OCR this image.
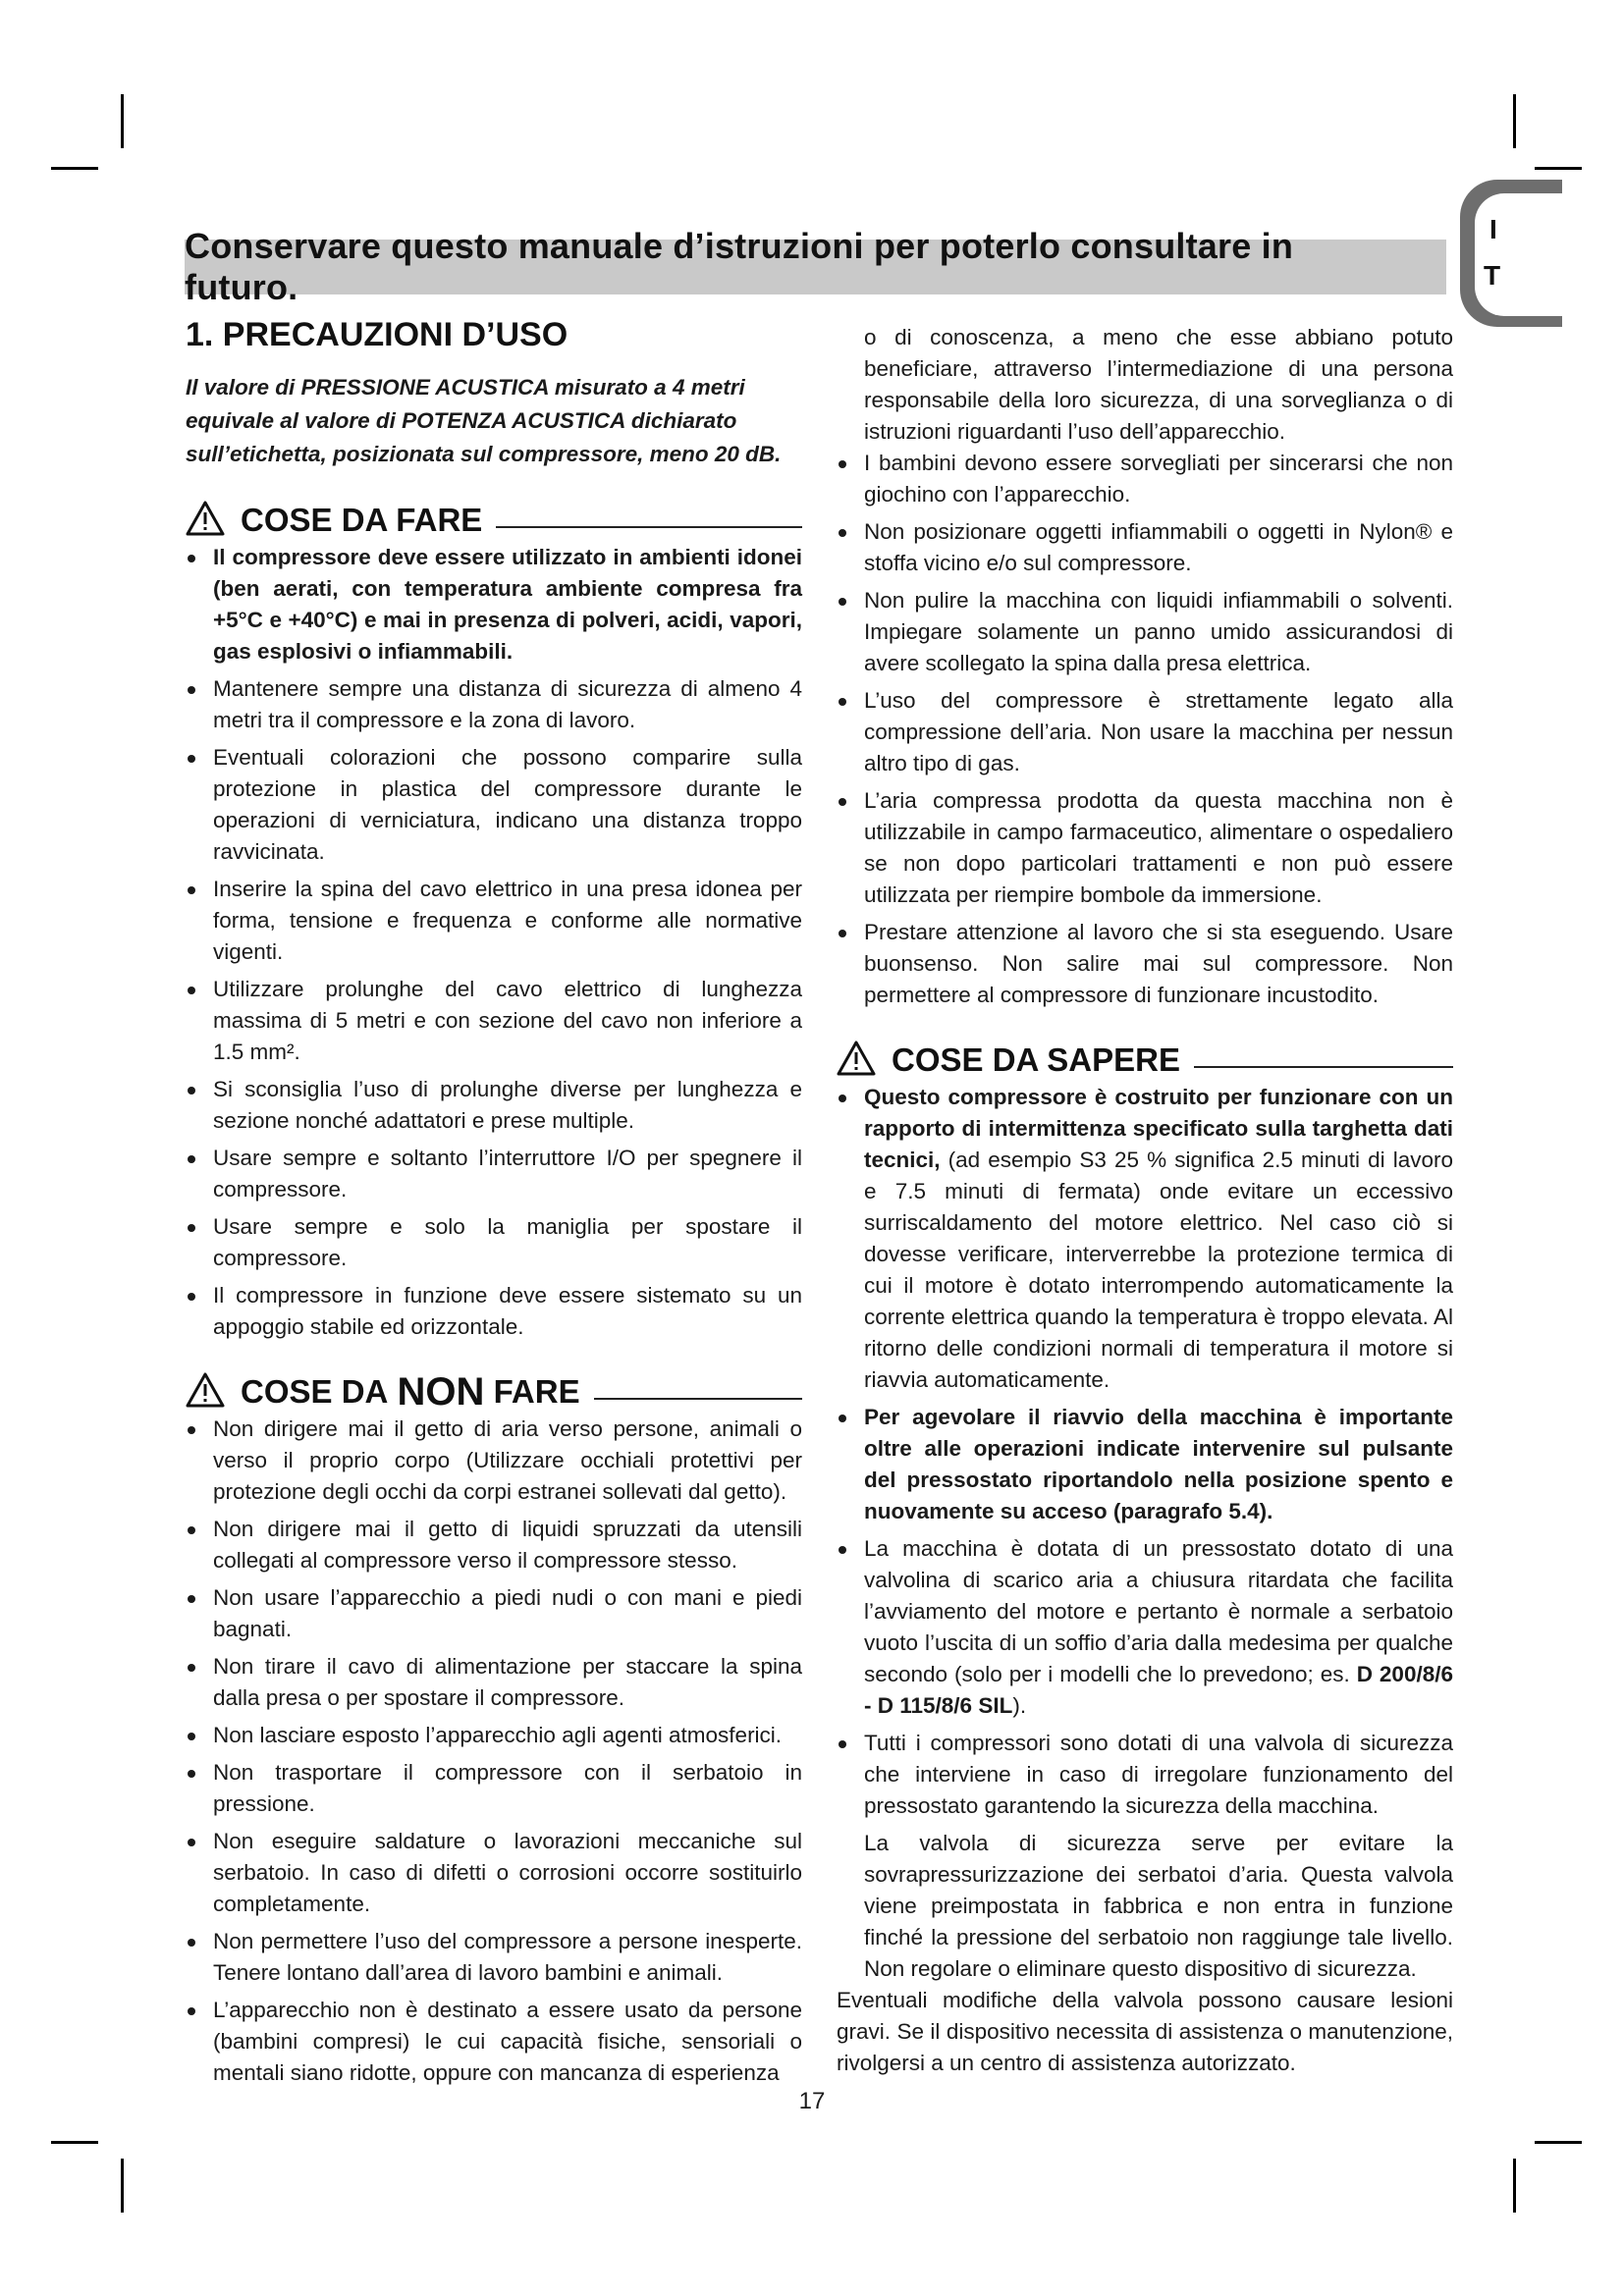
I
T
Conservare questo manuale d’istruzioni per poterlo consultare in futuro.
1. PRECAUZIONI D’USO

Il valore di PRESSIONE ACUSTICA misurato a 4 metri equivale al valore di POTENZA ACUSTICA dichiarato sull’etichetta, posizionata sul compressore, meno 20 dB.

COSE DA FARE
Il compressore deve essere utilizzato in ambienti idonei (ben aerati, con temperatura ambiente compresa fra +5°C e +40°C) e mai in presenza di polveri, acidi, vapori, gas esplosivi o infiammabili.
Mantenere sempre una distanza di sicurezza di almeno 4 metri tra il compressore e la zona di lavoro.
Eventuali colorazioni che possono comparire sulla protezione in plastica del compressore durante le operazioni di verniciatura, indicano una distanza troppo ravvicinata.
Inserire la spina del cavo elettrico in una presa idonea per forma, tensione e frequenza e conforme alle normative vigenti.
Utilizzare prolunghe del cavo elettrico di lunghezza massima di 5 metri e con sezione del cavo non inferiore a 1.5 mm².
Si sconsiglia l’uso di prolunghe diverse per lunghezza e sezione nonché adattatori e prese multiple.
Usare sempre e soltanto l’interruttore I/O per spegnere il compressore.
Usare sempre e solo la maniglia per spostare il compressore.
Il compressore in funzione deve essere sistemato su un appoggio stabile ed orizzontale.
COSE DA
NON
FARE
Non dirigere mai il getto di aria verso persone, animali o verso il proprio corpo (Utilizzare occhiali protettivi per protezione degli occhi da corpi estranei sollevati dal getto).
Non dirigere mai il getto di liquidi spruzzati da utensili collegati al compressore verso il compressore stesso.
Non usare l’apparecchio a piedi nudi o con mani e piedi bagnati.
Non tirare il cavo di alimentazione per staccare la spina dalla presa o per spostare il compressore.
Non lasciare esposto l’apparecchio agli agenti atmosferici.
Non trasportare il compressore con il serbatoio in pressione.
Non eseguire saldature o lavorazioni meccaniche sul serbatoio. In caso di difetti o corrosioni occorre sostituirlo completamente.
Non permettere l’uso del compressore a persone inesperte. Tenere lontano dall’area di lavoro bambini e animali.
L’apparecchio non è destinato a essere usato da persone (bambini compresi) le cui capacità fisiche, sensoriali o mentali siano ridotte, oppure con mancanza di esperienza

o di conoscenza, a meno che esse abbiano potuto beneficiare, attraverso l’intermediazione di una persona responsabile della loro sicurezza, di una sorveglianza o di istruzioni riguardanti l’uso dell’apparecchio.

I bambini devono essere sorvegliati per sincerarsi che non giochino con l’apparecchio.
Non posizionare oggetti infiammabili o oggetti in Nylon® e stoffa vicino e/o sul compressore.
Non pulire la macchina con liquidi infiammabili o solventi. Impiegare solamente un panno umido assicurandosi di avere scollegato la spina dalla presa elettrica.
L’uso del compressore è strettamente legato alla compressione dell’aria. Non usare la macchina per nessun altro tipo di gas.
L’aria compressa prodotta da questa macchina non è utilizzabile in campo farmaceutico, alimentare o ospedaliero se non dopo particolari trattamenti e non può essere utilizzata per riempire bombole da immersione.
Prestare attenzione al lavoro che si sta eseguendo. Usare buonsenso. Non salire mai sul compressore. Non permettere al compressore di funzionare incustodito.
COSE DA SAPERE
Questo compressore è costruito per funzionare con un rapporto di intermittenza specificato sulla targhetta dati tecnici, (ad esempio S3 25 % significa 2.5 minuti di lavoro e 7.5 minuti di fermata) onde evitare un eccessivo surriscaldamento del motore elettrico. Nel caso ciò si dovesse verificare, interverrebbe la protezione termica di cui il motore è dotato interrompendo automaticamente la corrente elettrica quando la temperatura è troppo elevata. Al ritorno delle condizioni normali di temperatura il motore si riavvia automaticamente.
Per agevolare il riavvio della macchina è importante oltre alle operazioni indicate intervenire sul pulsante del pressostato riportandolo nella posizione spento e nuovamente su acceso (paragrafo 5.4).
La macchina è dotata di un pressostato dotato di una valvolina di scarico aria a chiusura ritardata che facilita l’avviamento del motore e pertanto è normale a serbatoio vuoto l’uscita di un soffio d’aria dalla medesima per qualche secondo (solo per i modelli che lo prevedono; es. D 200/8/6 - D 115/8/6 SIL).
Tutti i compressori sono dotati di una valvola di sicurezza che interviene in caso di irregolare funzionamento del pressostato garantendo la sicurezza della macchina.

La valvola di sicurezza serve per evitare la sovrapressurizzazione dei serbatoi d’aria. Questa valvola viene preimpostata in fabbrica e non entra in funzione finché la pressione del serbatoio non raggiunge tale livello. Non regolare o eliminare questo dispositivo di sicurezza.

Eventuali modifiche della valvola possono causare lesioni gravi. Se il dispositivo necessita di assistenza o manutenzione, rivolgersi a un centro di assistenza autorizzato.

17
